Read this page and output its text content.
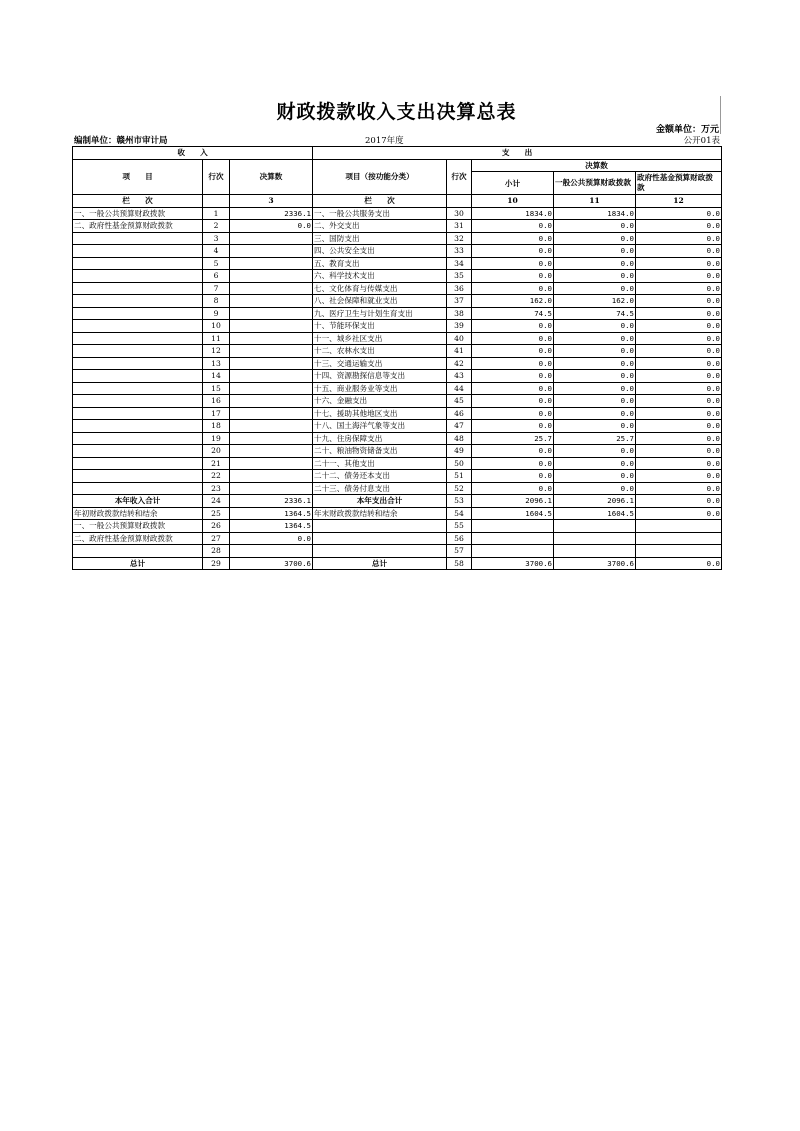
财政拨款收入支出决算总表
金额单位：万元
编制单位：赣州市审计局	2017年度	公开01表
收　　入			支　　出				
项　　目	行次	决算数	项目（按功能分类）	行次	决算数		
					小计	一般公共预算财政拨款	政府性基金预算财政拨款
栏　　次		3	栏　　次		10	11	12
一、一般公共预算财政拨款	1	2336.1	一、一般公共服务支出	30	1834.0	1834.0	0.0
二、政府性基金预算财政拨款	2	0.0	二、外交支出	31	0.0	0.0	0.0
	3		三、国防支出	32	0.0	0.0	0.0
	4		四、公共安全支出	33	0.0	0.0	0.0
	5		五、教育支出	34	0.0	0.0	0.0
	6		六、科学技术支出	35	0.0	0.0	0.0
	7		七、文化体育与传媒支出	36	0.0	0.0	0.0
	8		八、社会保障和就业支出	37	162.0	162.0	0.0
	9		九、医疗卫生与计划生育支出	38	74.5	74.5	0.0
	10		十、节能环保支出	39	0.0	0.0	0.0
	11		十一、城乡社区支出	40	0.0	0.0	0.0
	12		十二、农林水支出	41	0.0	0.0	0.0
	13		十三、交通运输支出	42	0.0	0.0	0.0
	14		十四、资源勘探信息等支出	43	0.0	0.0	0.0
	15		十五、商业服务业等支出	44	0.0	0.0	0.0
	16		十六、金融支出	45	0.0	0.0	0.0
	17		十七、援助其他地区支出	46	0.0	0.0	0.0
	18		十八、国土海洋气象等支出	47	0.0	0.0	0.0
	19		十九、住房保障支出	48	25.7	25.7	0.0
	20		二十、粮油物资储备支出	49	0.0	0.0	0.0
	21		二十一、其他支出	50	0.0	0.0	0.0
	22		二十二、债务还本支出	51	0.0	0.0	0.0
	23		二十三、债务付息支出	52	0.0	0.0	0.0
本年收入合计	24	2336.1	本年支出合计	53	2096.1	2096.1	0.0
年初财政拨款结转和结余	25	1364.5	年末财政拨款结转和结余	54	1604.5	1604.5	0.0
一、一般公共预算财政拨款	26	1364.5		55			
二、政府性基金预算财政拨款	27	0.0		56			
	28			57			
总计	29	3700.6	总计	58	3700.6	3700.6	0.0
